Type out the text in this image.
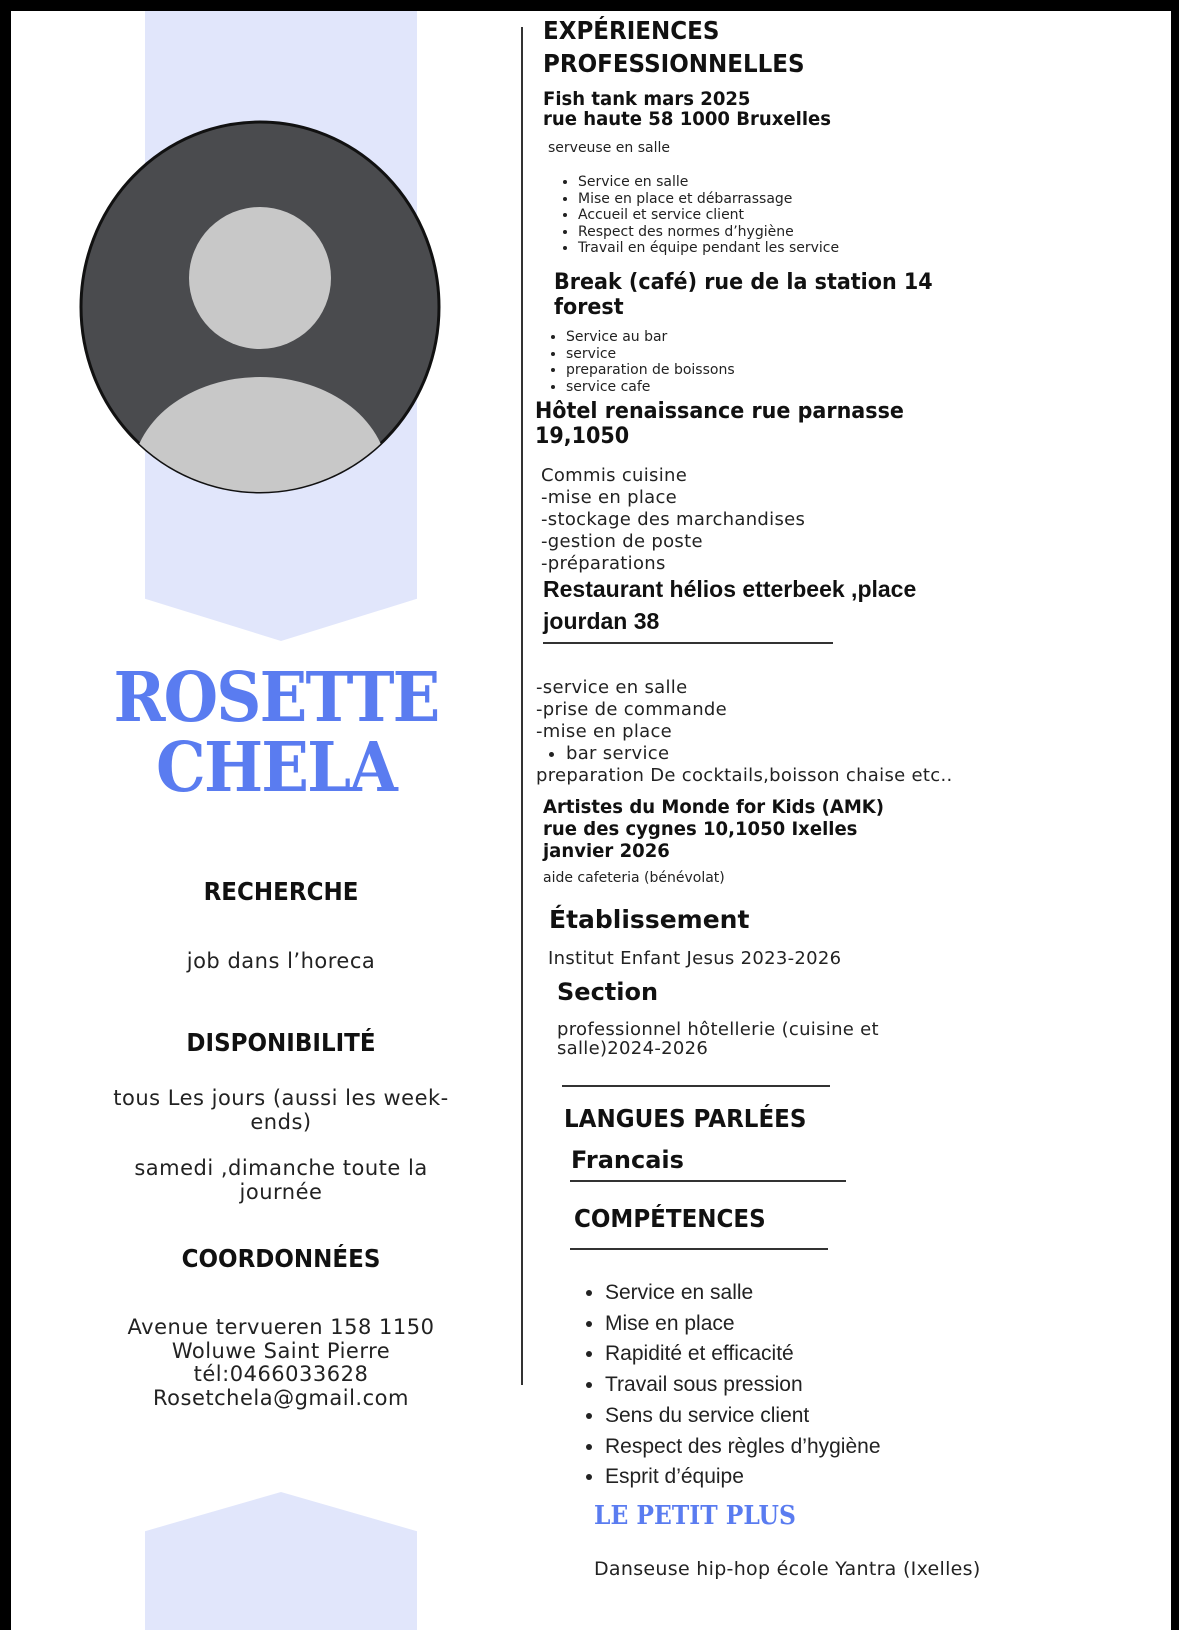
ROSETTE
CHELA
RECHERCHE
job dans l’horeca
DISPONIBILITÉ
tous Les jours (aussi les week-ends)
samedi ,dimanche toute la journée
COORDONNÉES
Avenue tervueren 158 1150
Woluwe Saint Pierre
tél:0466033628
Rosetchela@gmail.com
EXPÉRIENCES
PROFESSIONNELLES
Fish tank mars 2025
rue haute 58 1000 Bruxelles
serveuse en salle
• Service en salle
• Mise en place et débarrassage
• Accueil et service client
• Respect des normes d’hygiène
• Travail en équipe pendant les service
Break (café) rue de la station 14
forest
• Service au bar
• service
• preparation de boissons
• service cafe
Hôtel renaissance rue parnasse
19,1050
Commis cuisine
-mise en place
-stockage des marchandises
-gestion de poste
-préparations
Restaurant hélios etterbeek ,place
jourdan 38
-service en salle
-prise de commande
-mise en place
• bar service
preparation De cocktails,boisson chaise etc..
Artistes du Monde for Kids (AMK)
rue des cygnes 10,1050 Ixelles
janvier 2026
aide cafeteria (bénévolat)
Établissement
Institut Enfant Jesus 2023-2026
Section
professionnel hôtellerie (cuisine et
salle)2024-2026
LANGUES PARLÉES
Francais
COMPÉTENCES
• Service en salle
• Mise en place
• Rapidité et efficacité
• Travail sous pression
• Sens du service client
• Respect des règles d’hygiène
• Esprit d’équipe
LE PETIT PLUS
Danseuse hip-hop école Yantra (Ixelles)
